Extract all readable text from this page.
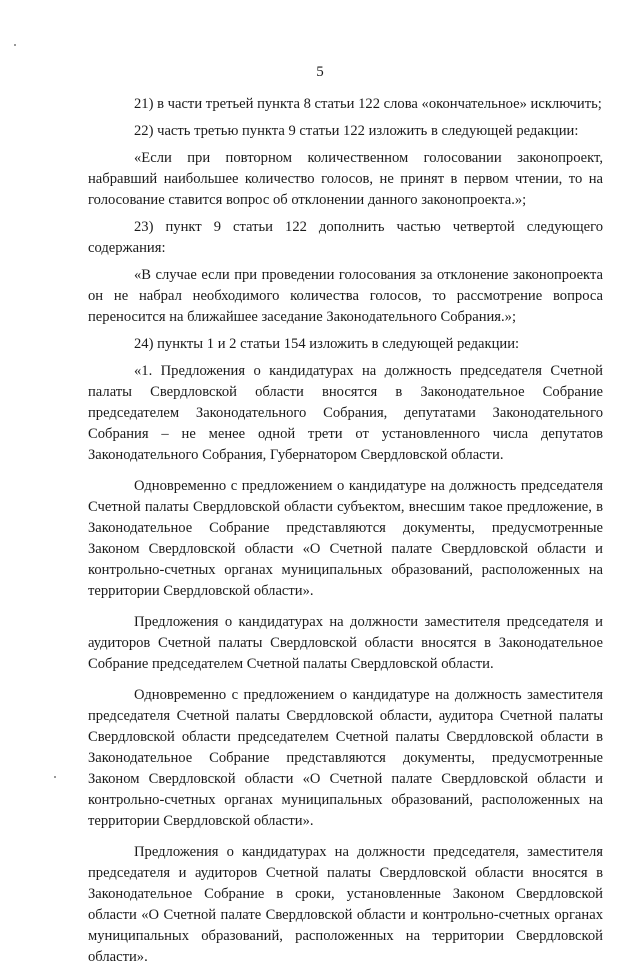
5

21) в части третьей пункта 8 статьи 122 слова «окончательное» исключить;

22) часть третью пункта 9 статьи 122 изложить в следующей редакции:

«Если при повторном количественном голосовании законопроект, набравший наибольшее количество голосов, не принят в первом чтении, то на голосование ставится вопрос об отклонении данного законопроекта.»;

23) пункт 9 статьи 122 дополнить частью четвертой следующего содержания:

«В случае если при проведении голосования за отклонение законопроекта он не набрал необходимого количества голосов, то рассмотрение вопроса переносится на ближайшее заседание Законодательного Собрания.»;

24) пункты 1 и 2 статьи 154 изложить в следующей редакции:

«1. Предложения о кандидатурах на должность председателя Счетной палаты Свердловской области вносятся в Законодательное Собрание председателем Законодательного Собрания, депутатами Законодательного Собрания – не менее одной трети от установленного числа депутатов Законодательного Собрания, Губернатором Свердловской области.

Одновременно с предложением о кандидатуре на должность председателя Счетной палаты Свердловской области субъектом, внесшим такое предложение, в Законодательное Собрание представляются документы, предусмотренные Законом Свердловской области «О Счетной палате Свердловской области и контрольно-счетных органах муниципальных образований, расположенных на территории Свердловской области».

Предложения о кандидатурах на должности заместителя председателя и аудиторов Счетной палаты Свердловской области вносятся в Законодательное Собрание председателем Счетной палаты Свердловской области.

Одновременно с предложением о кандидатуре на должность заместителя председателя Счетной палаты Свердловской области, аудитора Счетной палаты Свердловской области председателем Счетной палаты Свердловской области в Законодательное Собрание представляются документы, предусмотренные Законом Свердловской области «О Счетной палате Свердловской области и контрольно-счетных органах муниципальных образований, расположенных на территории Свердловской области».

Предложения о кандидатурах на должности председателя, заместителя председателя и аудиторов Счетной палаты Свердловской области вносятся в Законодательное Собрание в сроки, установленные Законом Свердловской области «О Счетной палате Свердловской области и контрольно-счетных органах муниципальных образований, расположенных на территории Свердловской области».
